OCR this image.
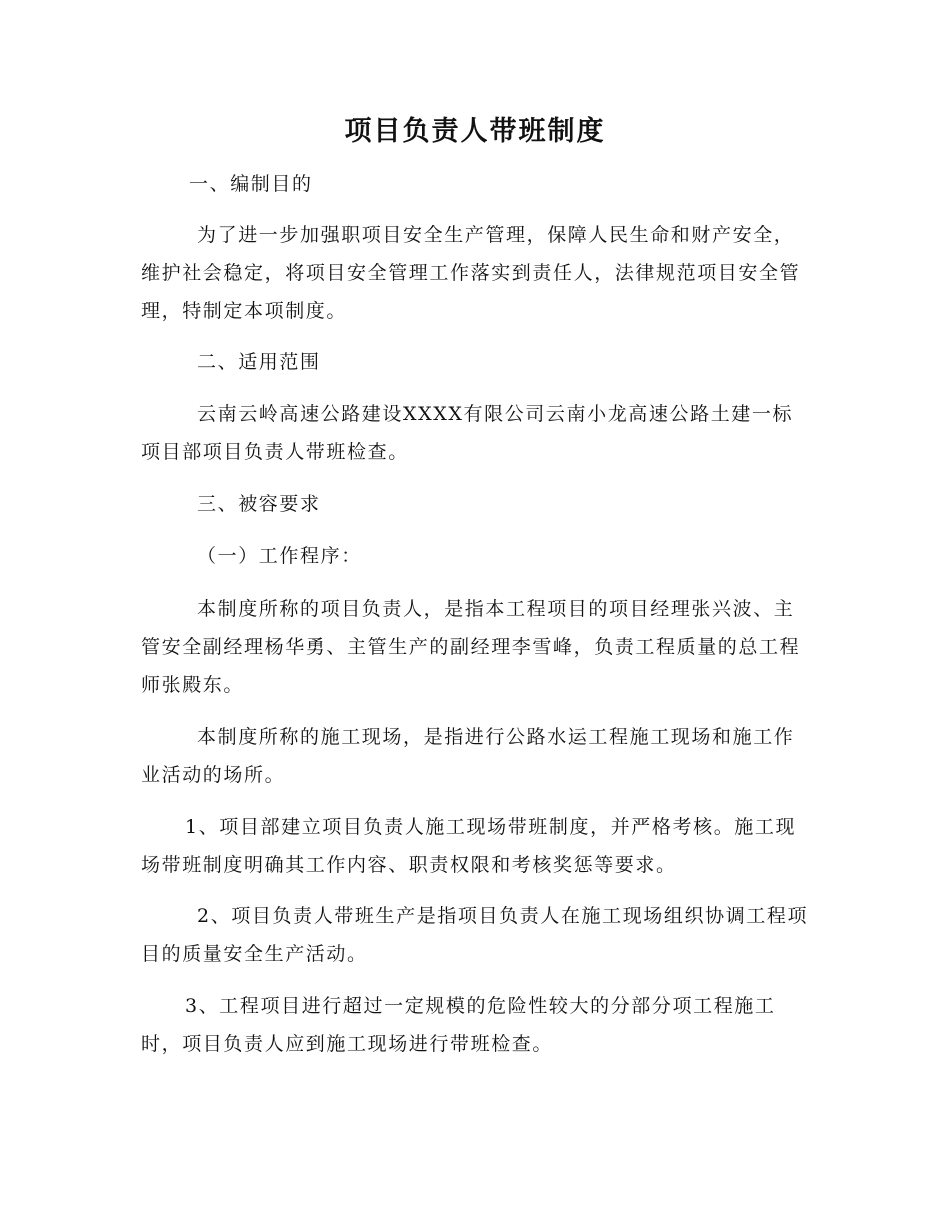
项目负责人带班制度

一、编制目的

为了进一步加强职项目安全生产管理，保障人民生命和财产安全，维护社会稳定，将项目安全管理工作落实到责任人，法律规范项目安全管理，特制定本项制度。

二、适用范围

云南云岭高速公路建设XXXX有限公司云南小龙高速公路土建一标项目部项目负责人带班检查。

三、被容要求

（一）工作程序：

本制度所称的项目负责人，是指本工程项目的项目经理张兴波、主管安全副经理杨华勇、主管生产的副经理李雪峰，负责工程质量的总工程师张殿东。

本制度所称的施工现场，是指进行公路水运工程施工现场和施工作业活动的场所。

1、项目部建立项目负责人施工现场带班制度，并严格考核。施工现场带班制度明确其工作内容、职责权限和考核奖惩等要求。

2、项目负责人带班生产是指项目负责人在施工现场组织协调工程项目的质量安全生产活动。

3、工程项目进行超过一定规模的危险性较大的分部分项工程施工时，项目负责人应到施工现场进行带班检查。
